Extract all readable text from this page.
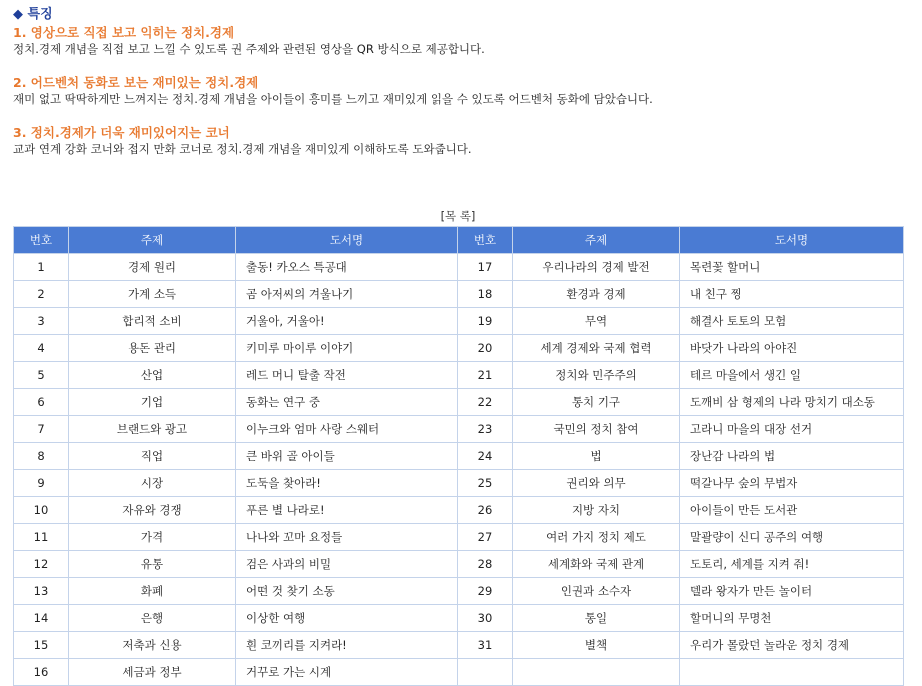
◆ 특징
1. 영상으로 직접 보고 익히는 정치.경제
정치.경제 개념을 직접 보고 느낄 수 있도록 권 주제와 관련된 영상을 QR 방식으로 제공합니다.
2. 어드벤처 동화로 보는 재미있는 정치.경제
재미 없고 딱딱하게만 느껴지는 정치.경제 개념을 아이들이 흥미를 느끼고 재미있게 읽을 수 있도록 어드벤처 동화에 담았습니다.
3. 정치.경제가 더욱 재미있어지는 코너
교과 연계 강화 코너와 접지 만화 코너로 정치.경제 개념을 재미있게 이해하도록 도와줍니다.
[목 록]
번호	주제	도서명	번호	주제	도서명
1	경제 원리	출동! 카오스 특공대	17	우리나라의 경제 발전	목련꽃 할머니
2	가계 소득	곰 아저씨의 겨울나기	18	환경과 경제	내 친구 찡
3	합리적 소비	거울아, 거울아!	19	무역	해결사 토토의 모험
4	용돈 관리	키미루 마이루 이야기	20	세계 경제와 국제 협력	바닷가 나라의 아야진
5	산업	레드 머니 탈출 작전	21	정치와 민주주의	테르 마을에서 생긴 일
6	기업	동화는 연구 중	22	통치 기구	도깨비 삼 형제의 나라 망치기 대소동
7	브랜드와 광고	이누크와 엄마 사랑 스웨터	23	국민의 정치 참여	고라니 마을의 대장 선거
8	직업	큰 바위 골 아이들	24	법	장난감 나라의 법
9	시장	도둑을 찾아라!	25	권리와 의무	떡갈나무 숲의 무법자
10	자유와 경쟁	푸른 별 나라로!	26	지방 자치	아이들이 만든 도서관
11	가격	나나와 꼬마 요정들	27	여러 가지 정치 제도	말괄량이 신디 공주의 여행
12	유통	검은 사과의 비밀	28	세계화와 국제 관계	도토리, 세계를 지켜 줘!
13	화폐	어떤 것 찾기 소동	29	인권과 소수자	델라 왕자가 만든 놀이터
14	은행	이상한 여행	30	통일	할머니의 무명천
15	저축과 신용	흰 코끼리를 지켜라!	31	별책	우리가 몰랐던 놀라운 정치 경제
16	세금과 정부	거꾸로 가는 시계			
